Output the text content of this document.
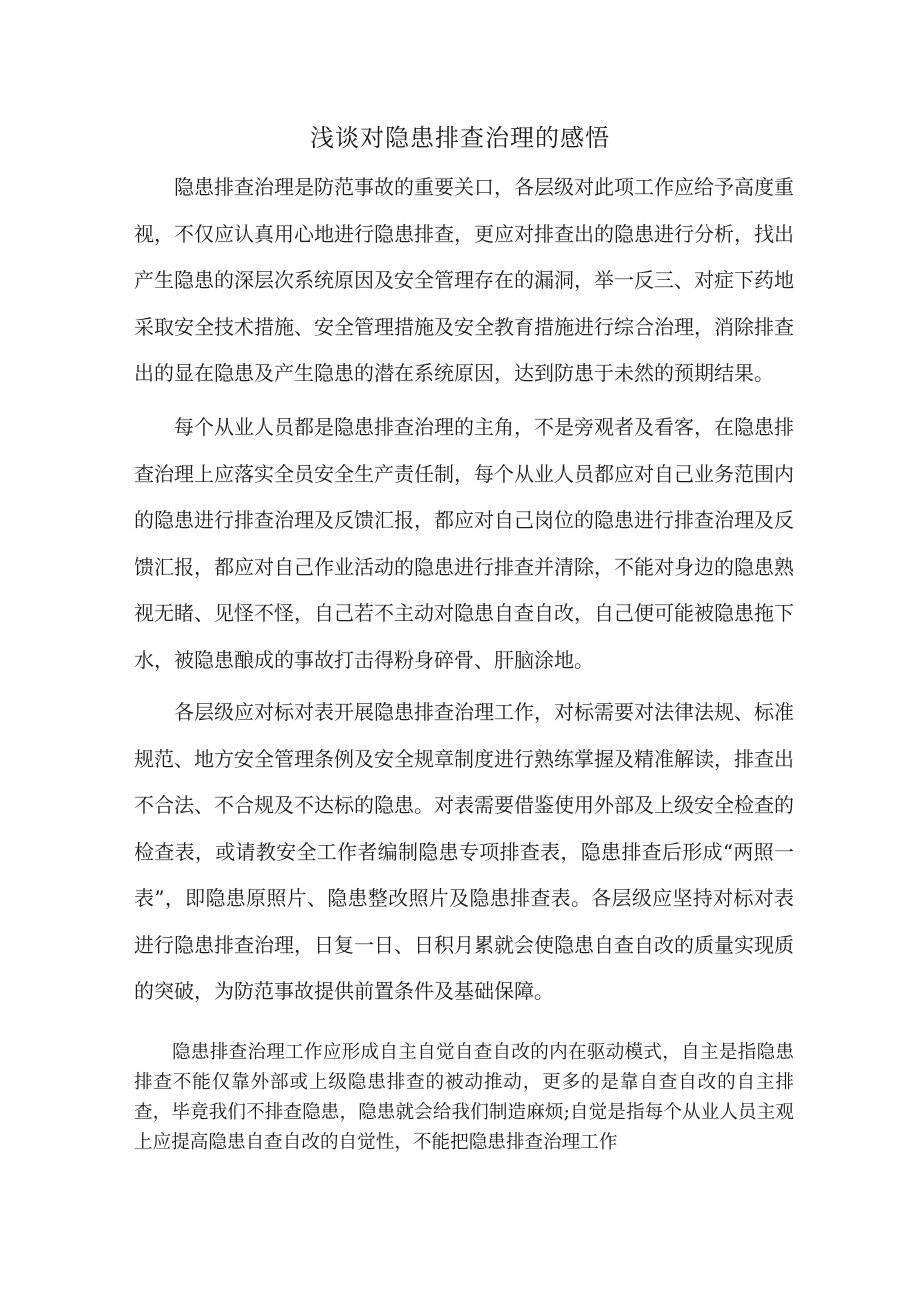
浅谈对隐患排查治理的感悟

隐患排查治理是防范事故的重要关口，各层级对此项工作应给予高度重视，不仅应认真用心地进行隐患排查，更应对排查出的隐患进行分析，找出产生隐患的深层次系统原因及安全管理存在的漏洞，举一反三、对症下药地采取安全技术措施、安全管理措施及安全教育措施进行综合治理，消除排查出的显在隐患及产生隐患的潜在系统原因，达到防患于未然的预期结果。

每个从业人员都是隐患排查治理的主角，不是旁观者及看客，在隐患排查治理上应落实全员安全生产责任制，每个从业人员都应对自己业务范围内的隐患进行排查治理及反馈汇报，都应对自己岗位的隐患进行排查治理及反馈汇报，都应对自己作业活动的隐患进行排查并清除，不能对身边的隐患熟视无睹、见怪不怪，自己若不主动对隐患自查自改，自己便可能被隐患拖下水，被隐患酿成的事故打击得粉身碎骨、肝脑涂地。

各层级应对标对表开展隐患排查治理工作，对标需要对法律法规、标准规范、地方安全管理条例及安全规章制度进行熟练掌握及精准解读，排查出不合法、不合规及不达标的隐患。对表需要借鉴使用外部及上级安全检查的检查表，或请教安全工作者编制隐患专项排查表，隐患排查后形成“两照一表”，即隐患原照片、隐患整改照片及隐患排查表。各层级应坚持对标对表进行隐患排查治理，日复一日、日积月累就会使隐患自查自改的质量实现质的突破，为防范事故提供前置条件及基础保障。

隐患排查治理工作应形成自主自觉自查自改的内在驱动模式，自主是指隐患排查不能仅靠外部或上级隐患排查的被动推动，更多的是靠自查自改的自主排查，毕竟我们不排查隐患，隐患就会给我们制造麻烦;自觉是指每个从业人员主观上应提高隐患自查自改的自觉性，不能把隐患排查治理工作
